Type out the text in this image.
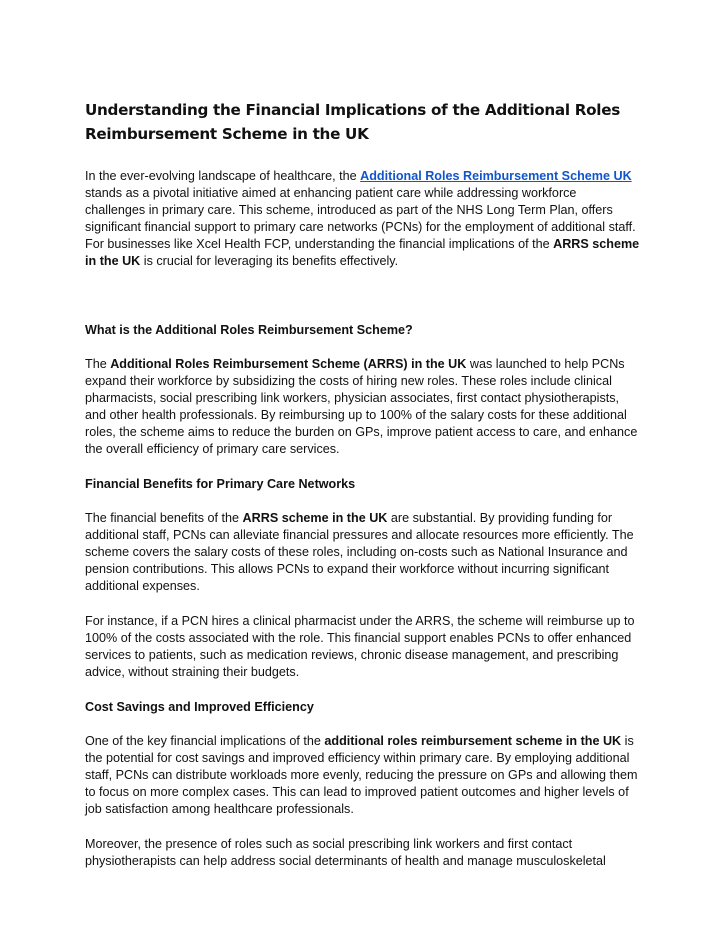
Understanding the Financial Implications of the Additional Roles Reimbursement Scheme in the UK

In the ever-evolving landscape of healthcare, the Additional Roles Reimbursement Scheme UK stands as a pivotal initiative aimed at enhancing patient care while addressing workforce challenges in primary care. This scheme, introduced as part of the NHS Long Term Plan, offers significant financial support to primary care networks (PCNs) for the employment of additional staff. For businesses like Xcel Health FCP, understanding the financial implications of the ARRS scheme in the UK is crucial for leveraging its benefits effectively.

What is the Additional Roles Reimbursement Scheme?

The Additional Roles Reimbursement Scheme (ARRS) in the UK was launched to help PCNs expand their workforce by subsidizing the costs of hiring new roles. These roles include clinical pharmacists, social prescribing link workers, physician associates, first contact physiotherapists, and other health professionals. By reimbursing up to 100% of the salary costs for these additional roles, the scheme aims to reduce the burden on GPs, improve patient access to care, and enhance the overall efficiency of primary care services.

Financial Benefits for Primary Care Networks

The financial benefits of the ARRS scheme in the UK are substantial. By providing funding for additional staff, PCNs can alleviate financial pressures and allocate resources more efficiently. The scheme covers the salary costs of these roles, including on-costs such as National Insurance and pension contributions. This allows PCNs to expand their workforce without incurring significant additional expenses.

For instance, if a PCN hires a clinical pharmacist under the ARRS, the scheme will reimburse up to 100% of the costs associated with the role. This financial support enables PCNs to offer enhanced services to patients, such as medication reviews, chronic disease management, and prescribing advice, without straining their budgets.

Cost Savings and Improved Efficiency

One of the key financial implications of the additional roles reimbursement scheme in the UK is the potential for cost savings and improved efficiency within primary care. By employing additional staff, PCNs can distribute workloads more evenly, reducing the pressure on GPs and allowing them to focus on more complex cases. This can lead to improved patient outcomes and higher levels of job satisfaction among healthcare professionals.

Moreover, the presence of roles such as social prescribing link workers and first contact physiotherapists can help address social determinants of health and manage musculoskeletal
